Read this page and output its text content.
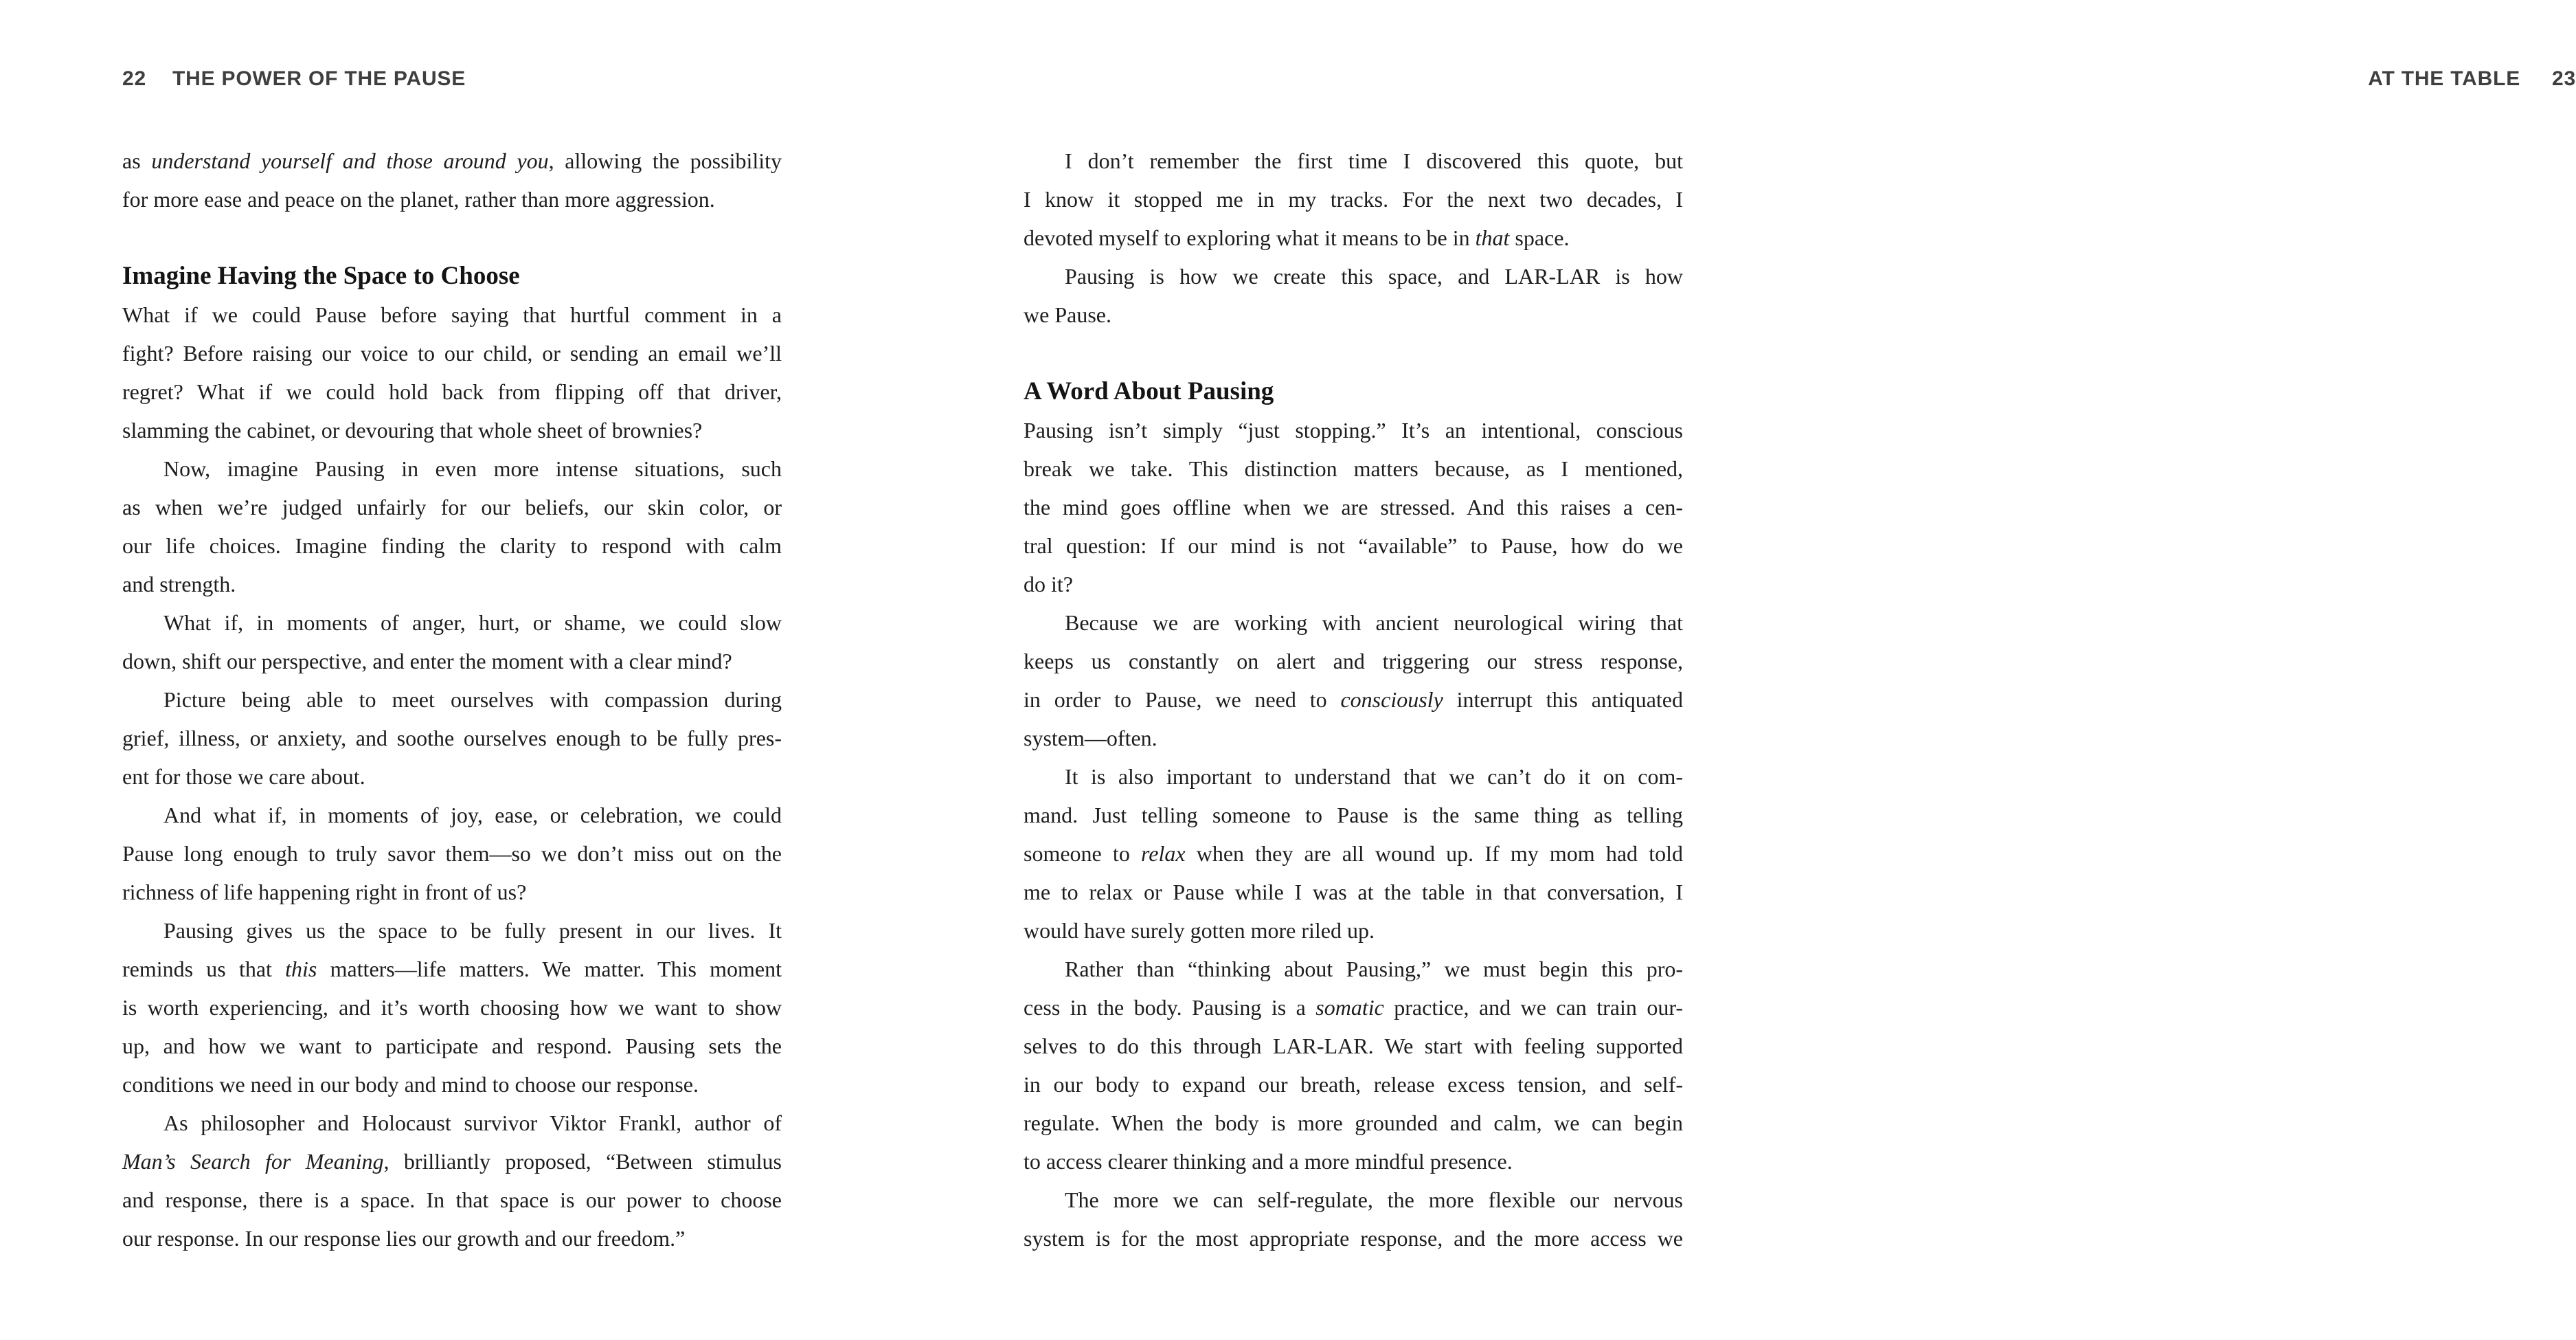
22 THE POWER OF THE PAUSE	AT THE TABLE 23
as understand yourself and those around you, allowing the possibility
for more ease and peace on the planet, rather than more aggression.
Imagine Having the Space to Choose
What if we could Pause before saying that hurtful comment in a
fight? Before raising our voice to our child, or sending an email we’ll
regret? What if we could hold back from flipping off that driver,
slamming the cabinet, or devouring that whole sheet of brownies?
Now, imagine Pausing in even more intense situations, such
as when we’re judged unfairly for our beliefs, our skin color, or
our life choices. Imagine finding the clarity to respond with calm
and strength.
What if, in moments of anger, hurt, or shame, we could slow
down, shift our perspective, and enter the moment with a clear mind?
Picture being able to meet ourselves with compassion during
grief, illness, or anxiety, and soothe ourselves enough to be fully pres-
ent for those we care about.
And what if, in moments of joy, ease, or celebration, we could
Pause long enough to truly savor them—so we don’t miss out on the
richness of life happening right in front of us?
Pausing gives us the space to be fully present in our lives. It
reminds us that this matters—life matters. We matter. This moment
is worth experiencing, and it’s worth choosing how we want to show
up, and how we want to participate and respond. Pausing sets the
conditions we need in our body and mind to choose our response.
As philosopher and Holocaust survivor Viktor Frankl, author of
Man’s Search for Meaning, brilliantly proposed, “Between stimulus
and response, there is a space. In that space is our power to choose
our response. In our response lies our growth and our freedom.”
I don’t remember the first time I discovered this quote, but
I know it stopped me in my tracks. For the next two decades, I
devoted myself to exploring what it means to be in that space.
Pausing is how we create this space, and LAR-LAR is how
we Pause.
A Word About Pausing
Pausing isn’t simply “just stopping.” It’s an intentional, conscious
break we take. This distinction matters because, as I mentioned,
the mind goes offline when we are stressed. And this raises a cen-
tral question: If our mind is not “available” to Pause, how do we
do it?
Because we are working with ancient neurological wiring that
keeps us constantly on alert and triggering our stress response,
in order to Pause, we need to consciously interrupt this antiquated
system—often.
It is also important to understand that we can’t do it on com-
mand. Just telling someone to Pause is the same thing as telling
someone to relax when they are all wound up. If my mom had told
me to relax or Pause while I was at the table in that conversation, I
would have surely gotten more riled up.
Rather than “thinking about Pausing,” we must begin this pro-
cess in the body. Pausing is a somatic practice, and we can train our-
selves to do this through LAR-LAR. We start with feeling supported
in our body to expand our breath, release excess tension, and self-
regulate. When the body is more grounded and calm, we can begin
to access clearer thinking and a more mindful presence.
The more we can self-regulate, the more flexible our nervous
system is for the most appropriate response, and the more access we
